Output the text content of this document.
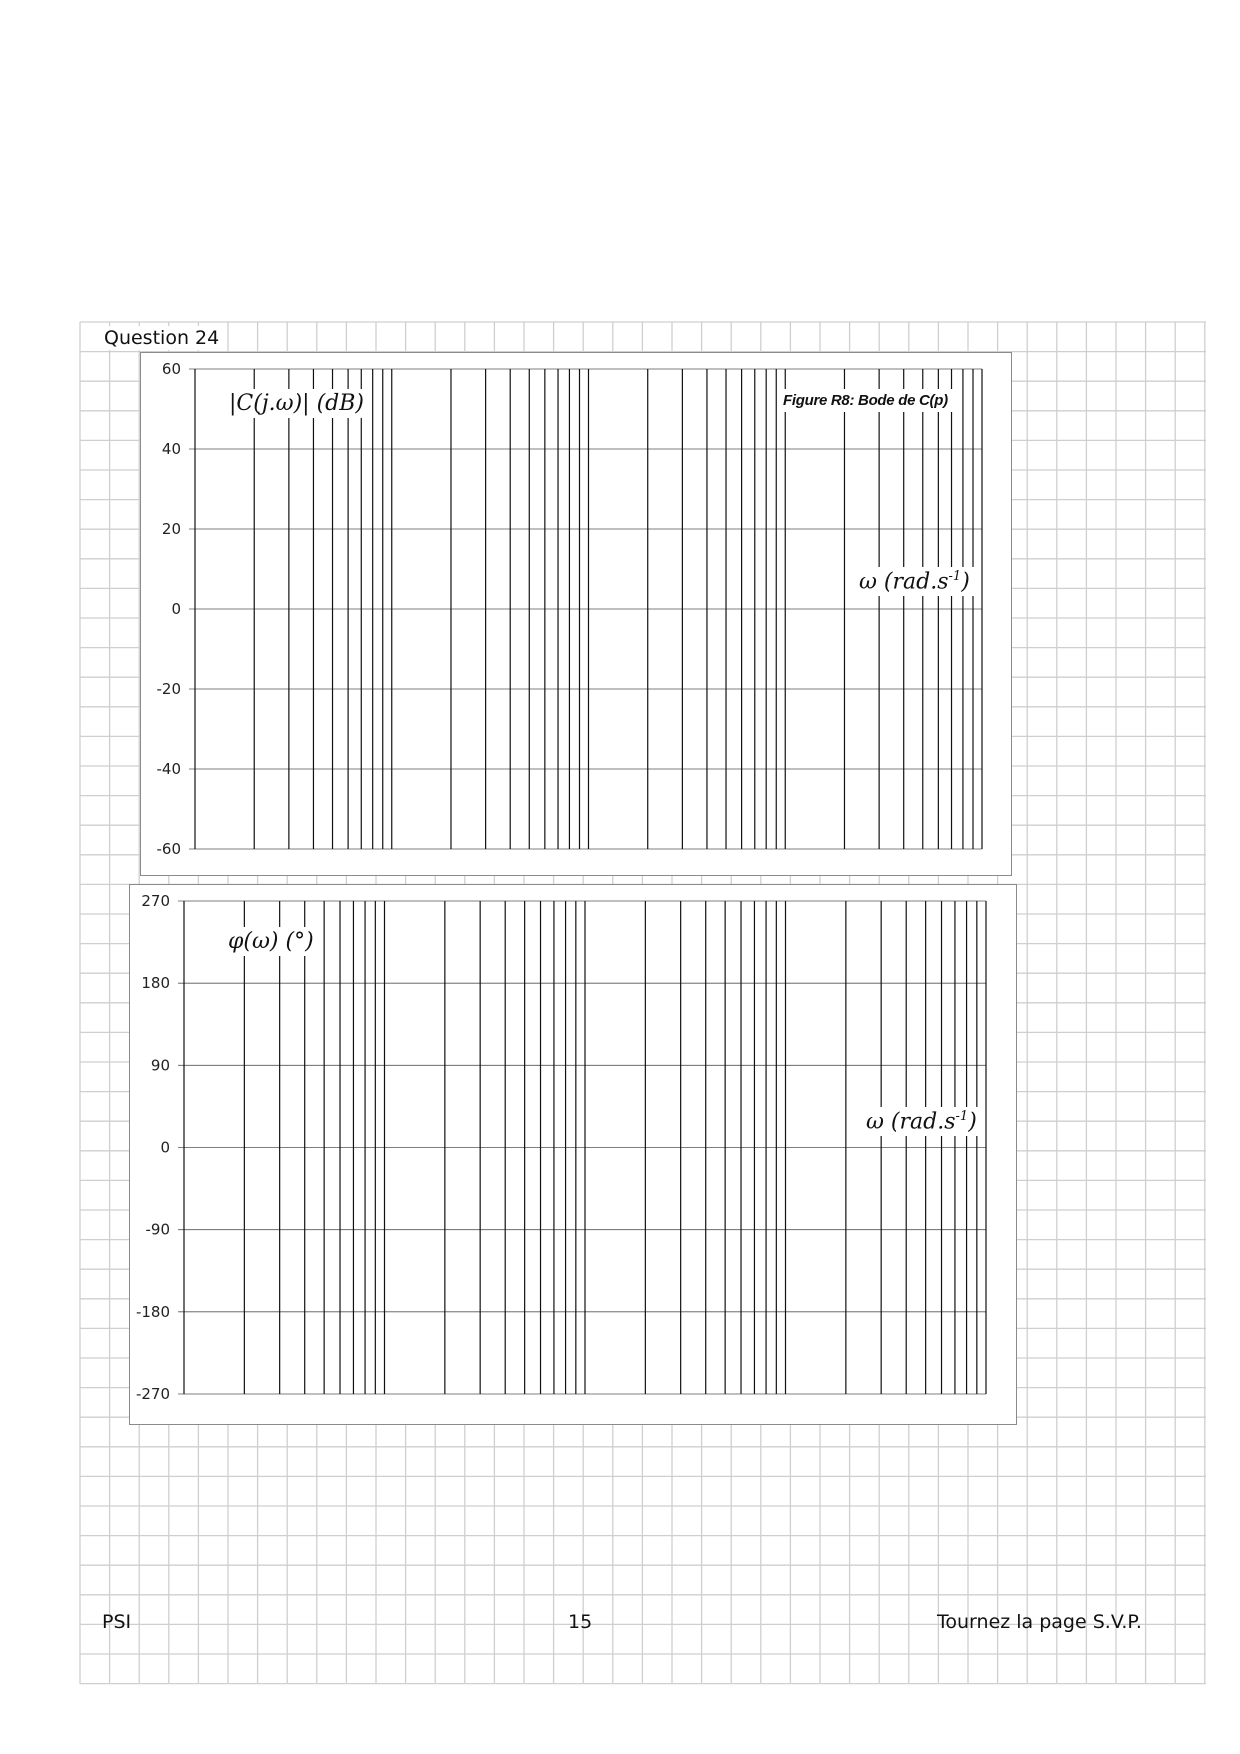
Question 24
60
40
20
0
-20
-40
-60
|C(j.ω)| (dB)	Figure R8: Bode de C(p)
ω $(rad.s^{-1})$
270
180
90
0
-90
-180
-270
φ(ω) (°)
ω $(rad.s^{-1})$
PSI	15	Tournez la page S.V.P.
